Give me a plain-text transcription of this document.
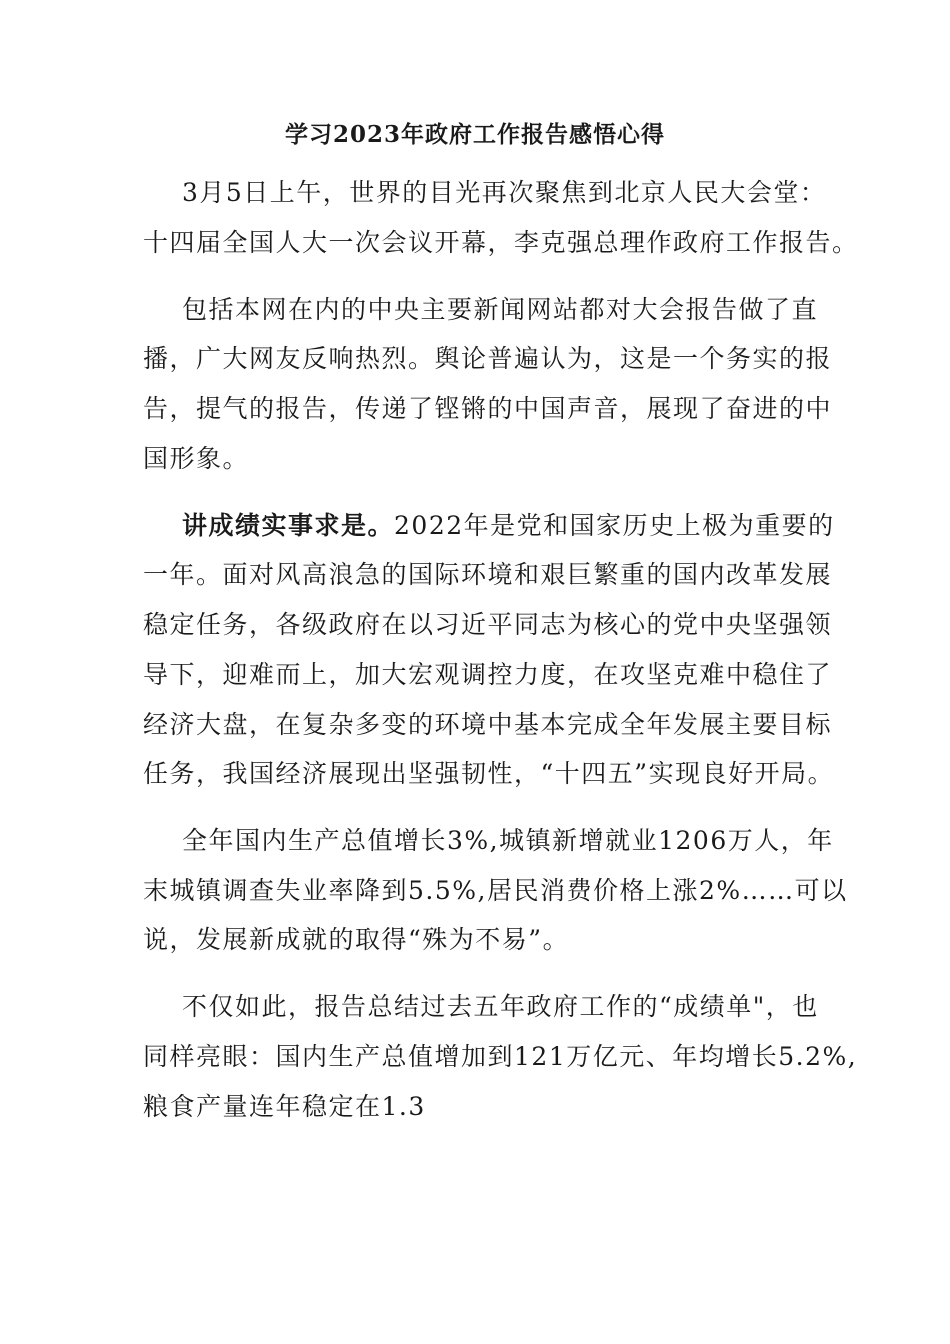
学习2023年政府工作报告感悟心得
3月5日上午，世界的目光再次聚焦到北京人民大会堂：
十四届全国人大一次会议开幕，李克强总理作政府工作报告。
包括本网在内的中央主要新闻网站都对大会报告做了直
播，广大网友反响热烈。舆论普遍认为，这是一个务实的报
告，提气的报告，传递了铿锵的中国声音，展现了奋进的中
国形象。
讲成绩实事求是。2022年是党和国家历史上极为重要的
一年。面对风高浪急的国际环境和艰巨繁重的国内改革发展
稳定任务，各级政府在以习近平同志为核心的党中央坚强领
导下，迎难而上，加大宏观调控力度，在攻坚克难中稳住了
经济大盘，在复杂多变的环境中基本完成全年发展主要目标
任务，我国经济展现出坚强韧性，“十四五”实现良好开局。
全年国内生产总值增长3%,城镇新增就业1206万人，年
末城镇调查失业率降到5.5%,居民消费价格上涨2%……可以
说，发展新成就的取得“殊为不易”。
不仅如此，报告总结过去五年政府工作的“成绩单"，也
同样亮眼：国内生产总值增加到121万亿元、年均增长5.2%,
粮食产量连年稳定在1.3
